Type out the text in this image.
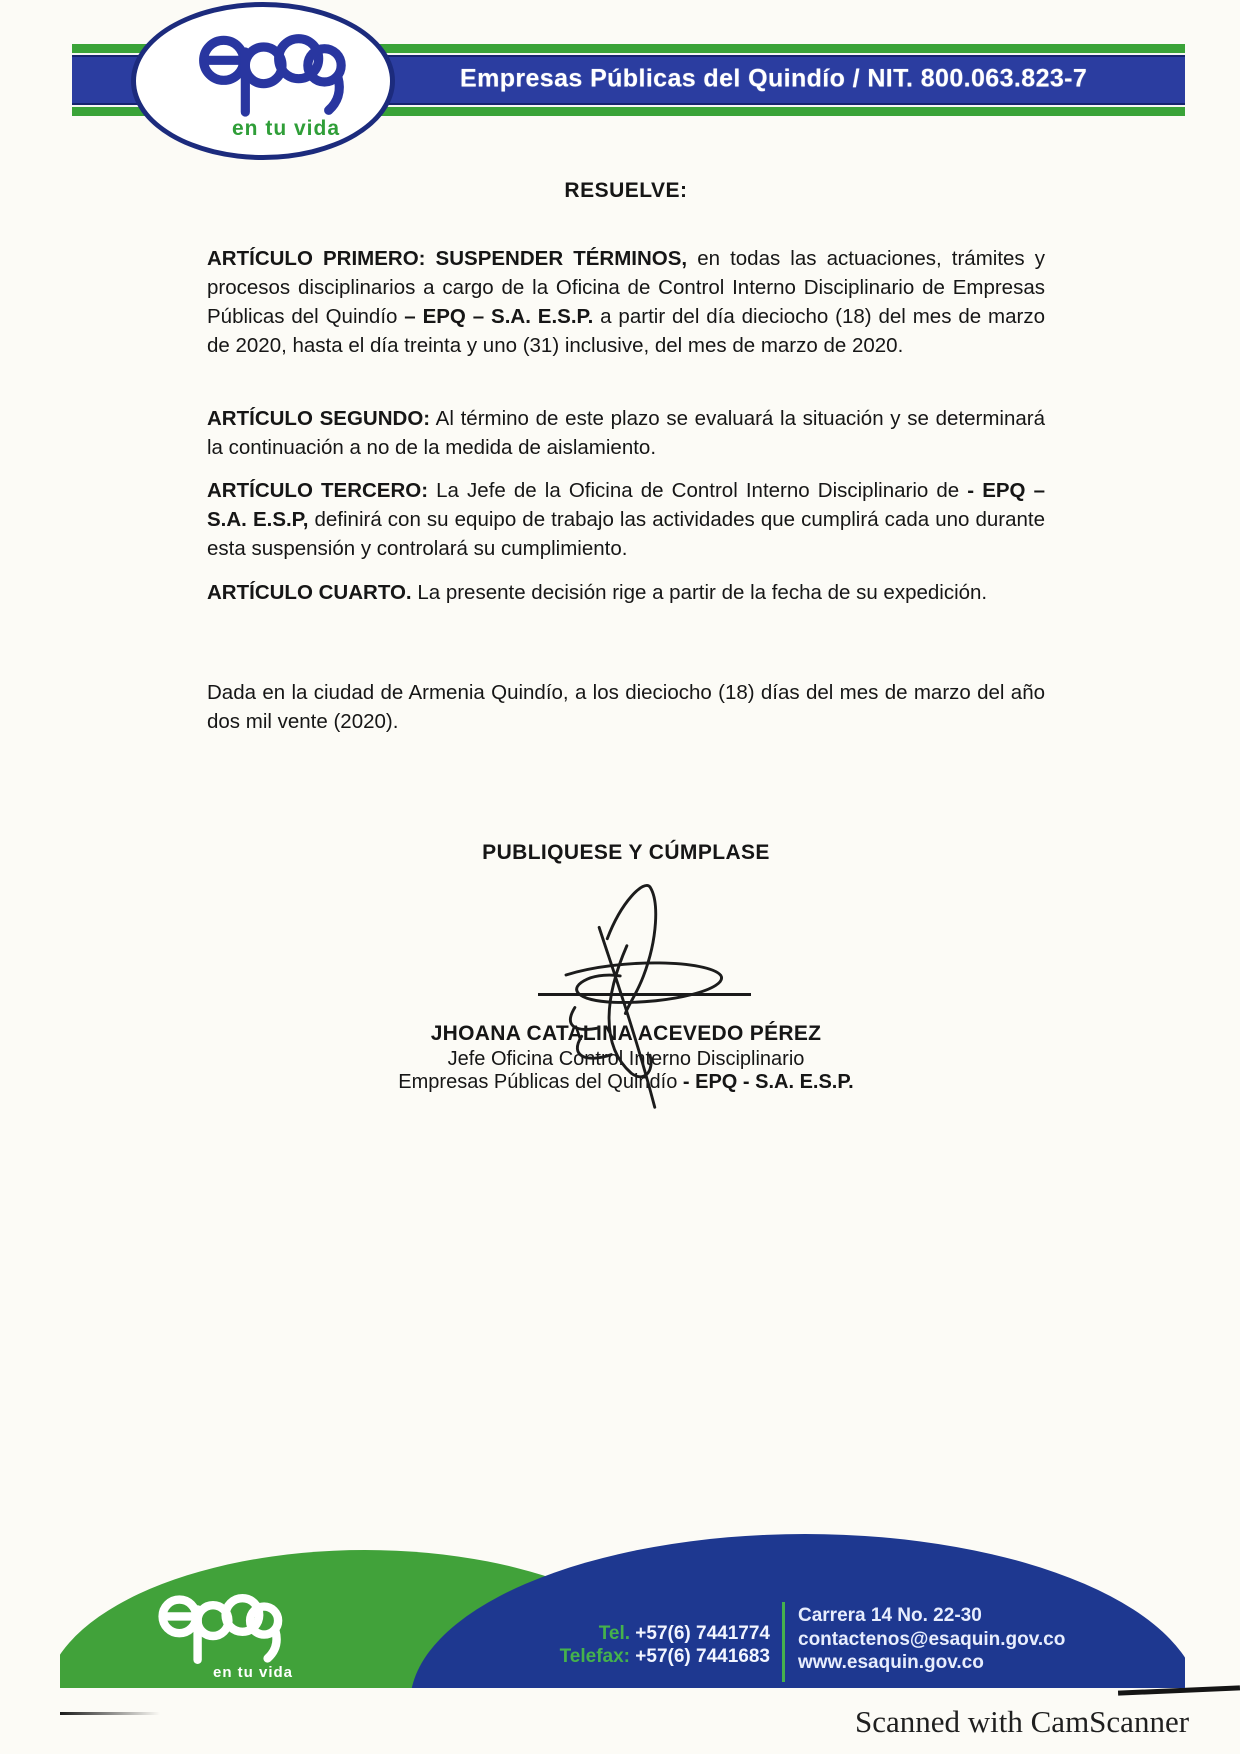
Empresas Públicas del Quindío / NIT. 800.063.823-7
en tu vida
RESUELVE:
ARTÍCULO PRIMERO: SUSPENDER TÉRMINOS, en todas las actuaciones, trámites y procesos disciplinarios a cargo de la Oficina de Control Interno Disciplinario de Empresas Públicas del Quindío – EPQ – S.A. E.S.P. a partir del día dieciocho (18) del mes de marzo de 2020, hasta el día treinta y uno (31) inclusive, del mes de marzo de 2020.
ARTÍCULO SEGUNDO: Al término de este plazo se evaluará la situación y se determinará la continuación a no de la medida de aislamiento.
ARTÍCULO TERCERO: La Jefe de la Oficina de Control Interno Disciplinario de - EPQ – S.A. E.S.P, definirá con su equipo de trabajo las actividades que cumplirá cada uno durante esta suspensión y controlará su cumplimiento.
ARTÍCULO CUARTO. La presente decisión rige a partir de la fecha de su expedición.
Dada en la ciudad de Armenia Quindío, a los dieciocho (18) días del mes de marzo del año dos mil vente (2020).
PUBLIQUESE Y CÚMPLASE
JHOANA CATALINA ACEVEDO PÉREZ
Jefe Oficina Control Interno Disciplinario
Empresas Públicas del Quindío - EPQ - S.A. E.S.P.
en tu vida
Tel. +57(6) 7441774
Telefax: +57(6) 7441683
Carrera 14 No. 22-30
contactenos@esaquin.gov.co
www.esaquin.gov.co
Scanned with CamScanner
